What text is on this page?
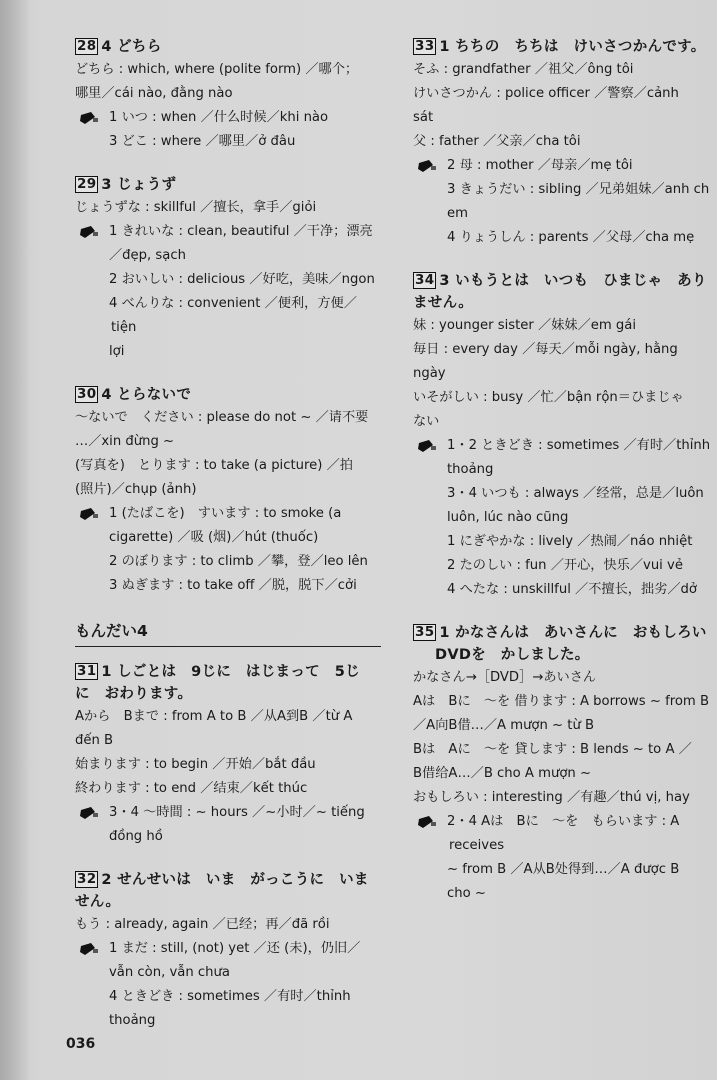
28 4 どちら
どちら : which, where (polite form) ／哪个；
哪里／cái nào, đằng nào
1 いつ : when ／什么时候／khi nào
3 どこ : where ／哪里／ở đâu
29 3 じょうず
じょうずな : skillful ／擅长，拿手／giỏi
1 きれいな : clean, beautiful ／干净；漂亮
／đẹp, sạch
2 おいしい : delicious ／好吃，美味／ngon
4 べんりな : convenient ／便利，方便／tiện
lợi
30 4 とらないで
～ないで　ください : please do not ~ ／请不要
…／xin đừng ~
(写真を)　とります : to take (a picture) ／拍
(照片)／chụp (ảnh)
1 (たばこを)　すいます : to smoke (a
cigarette) ／吸 (烟)／hút (thuốc)
2 のぼります : to climb ／攀，登／leo lên
3 ぬぎます : to take off ／脱，脱下／cởi
もんだい4
31 1 しごとは　9じに　はじまって　5じ
に　おわります。
Aから　Bまで : from A to B ／从A到B ／từ A
đến B
始まります : to begin ／开始／bắt đầu
終わります : to end ／结束／kết thúc
3・4 ～時間 : ~ hours ／~小时／~ tiếng
đồng hồ
32 2 せんせいは　いま　がっこうに　いま
せん。
もう : already, again ／已经；再／đã rồi
1 まだ : still, (not) yet ／还 (未)，仍旧／
vẫn còn, vẫn chưa
4 ときどき : sometimes ／有时／thỉnh
thoảng
33 1 ちちの　ちちは　けいさつかんです。
そふ : grandfather ／祖父／ông tôi
けいさつかん : police officer ／警察／cảnh
sát
父 : father ／父亲／cha tôi
2 母 : mother ／母亲／mẹ tôi
3 きょうだい : sibling ／兄弟姐妹／anh ch
em
4 りょうしん : parents ／父母／cha mẹ
34 3 いもうとは　いつも　ひまじゃ　あり
ません。
妹 : younger sister ／妹妹／em gái
毎日 : every day ／每天／mỗi ngày, hằng
ngày
いそがしい : busy ／忙／bận rộn＝ひまじゃ
ない
1・2 ときどき : sometimes ／有时／thỉnh
thoảng
3・4 いつも : always ／经常，总是／luôn
luôn, lúc nào cũng
1 にぎやかな : lively ／热闹／náo nhiệt
2 たのしい : fun ／开心，快乐／vui vẻ
4 へたな : unskillful ／不擅长，拙劣／dở
35 1 かなさんは　あいさんに　おもしろい
DVDを　かしました。
かなさん→［DVD］→あいさん
Aは　Bに　～を 借ります : A borrows ~ from B
／A向B借…／A mượn ~ từ B
Bは　Aに　～を 貸します : B lends ~ to A ／
B借给A…／B cho A mượn ~
おもしろい : interesting ／有趣／thú vị, hay
2・4 Aは　Bに　～を　もらいます : A receives
~ from B ／A从B处得到…／A được B
cho ~
036
